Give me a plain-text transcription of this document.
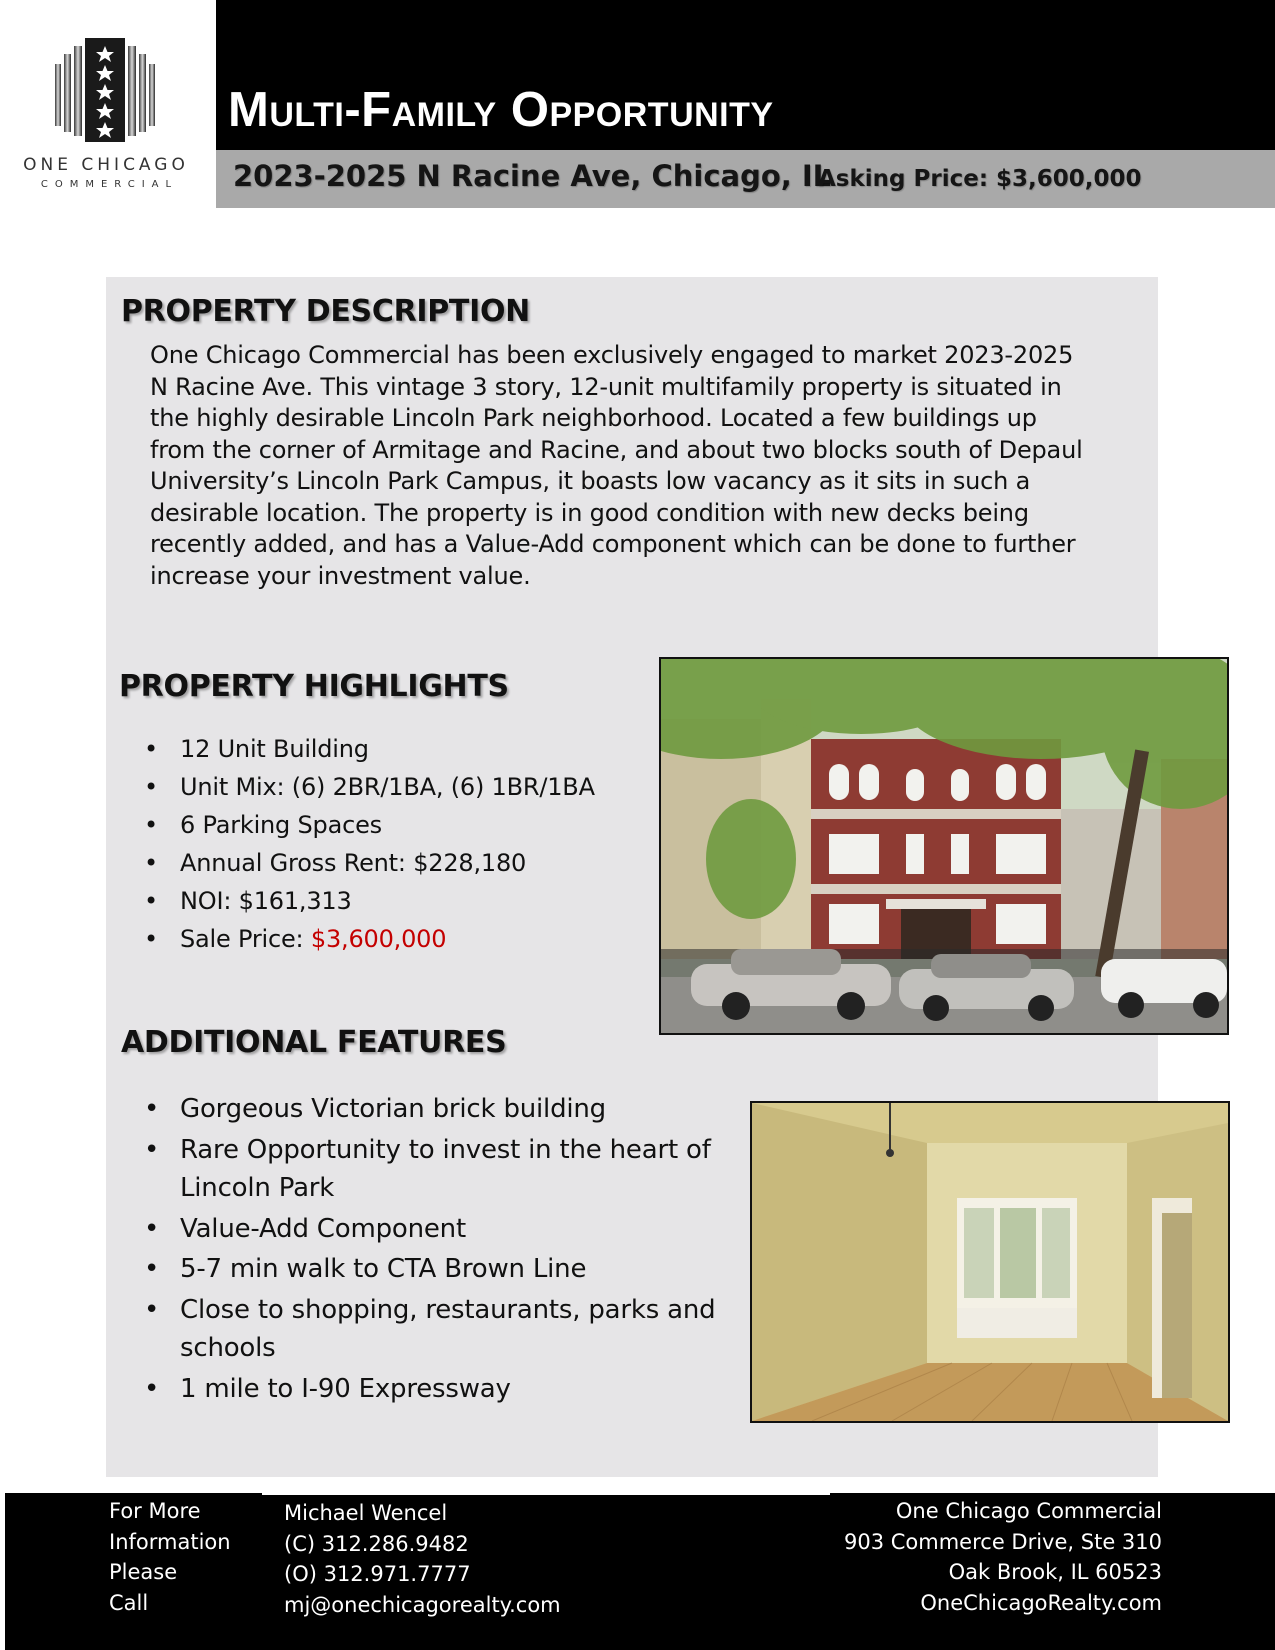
ONE CHICAGO
COMMERCIAL
Multi-Family Opportunity
2023-2025 N Racine Ave, Chicago, IL
Asking Price: $3,600,000
PROPERTY DESCRIPTION

One Chicago Commercial has been exclusively engaged to market 2023-2025 N Racine Ave. This vintage 3 story, 12-unit multifamily property is situated in the highly desirable Lincoln Park neighborhood. Located a few buildings up from the corner of Armitage and Racine, and about two blocks south of Depaul University’s Lincoln Park Campus, it boasts low vacancy as it sits in such a desirable location. The property is in good condition with new decks being recently added, and has a Value-Add component which can be done to further increase your investment value.

PROPERTY HIGHLIGHTS
• 12 Unit Building
• Unit Mix: (6) 2BR/1BA, (6) 1BR/1BA
• 6 Parking Spaces
• Annual Gross Rent: $228,180
• NOI: $161,313
• Sale Price: $3,600,000
ADDITIONAL FEATURES
• Gorgeous Victorian brick building
• Rare Opportunity to invest in the heart of Lincoln Park
• Value-Add Component
• 5-7 min walk to CTA Brown Line
• Close to shopping, restaurants, parks and schools
• 1 mile to I-90 Expressway
For More
Information
Please
Call
Michael Wencel
(C) 312.286.9482
(O) 312.971.7777
mj@onechicagorealty.com
One Chicago Commercial
903 Commerce Drive, Ste 310
Oak Brook, IL 60523
OneChicagoRealty.com
